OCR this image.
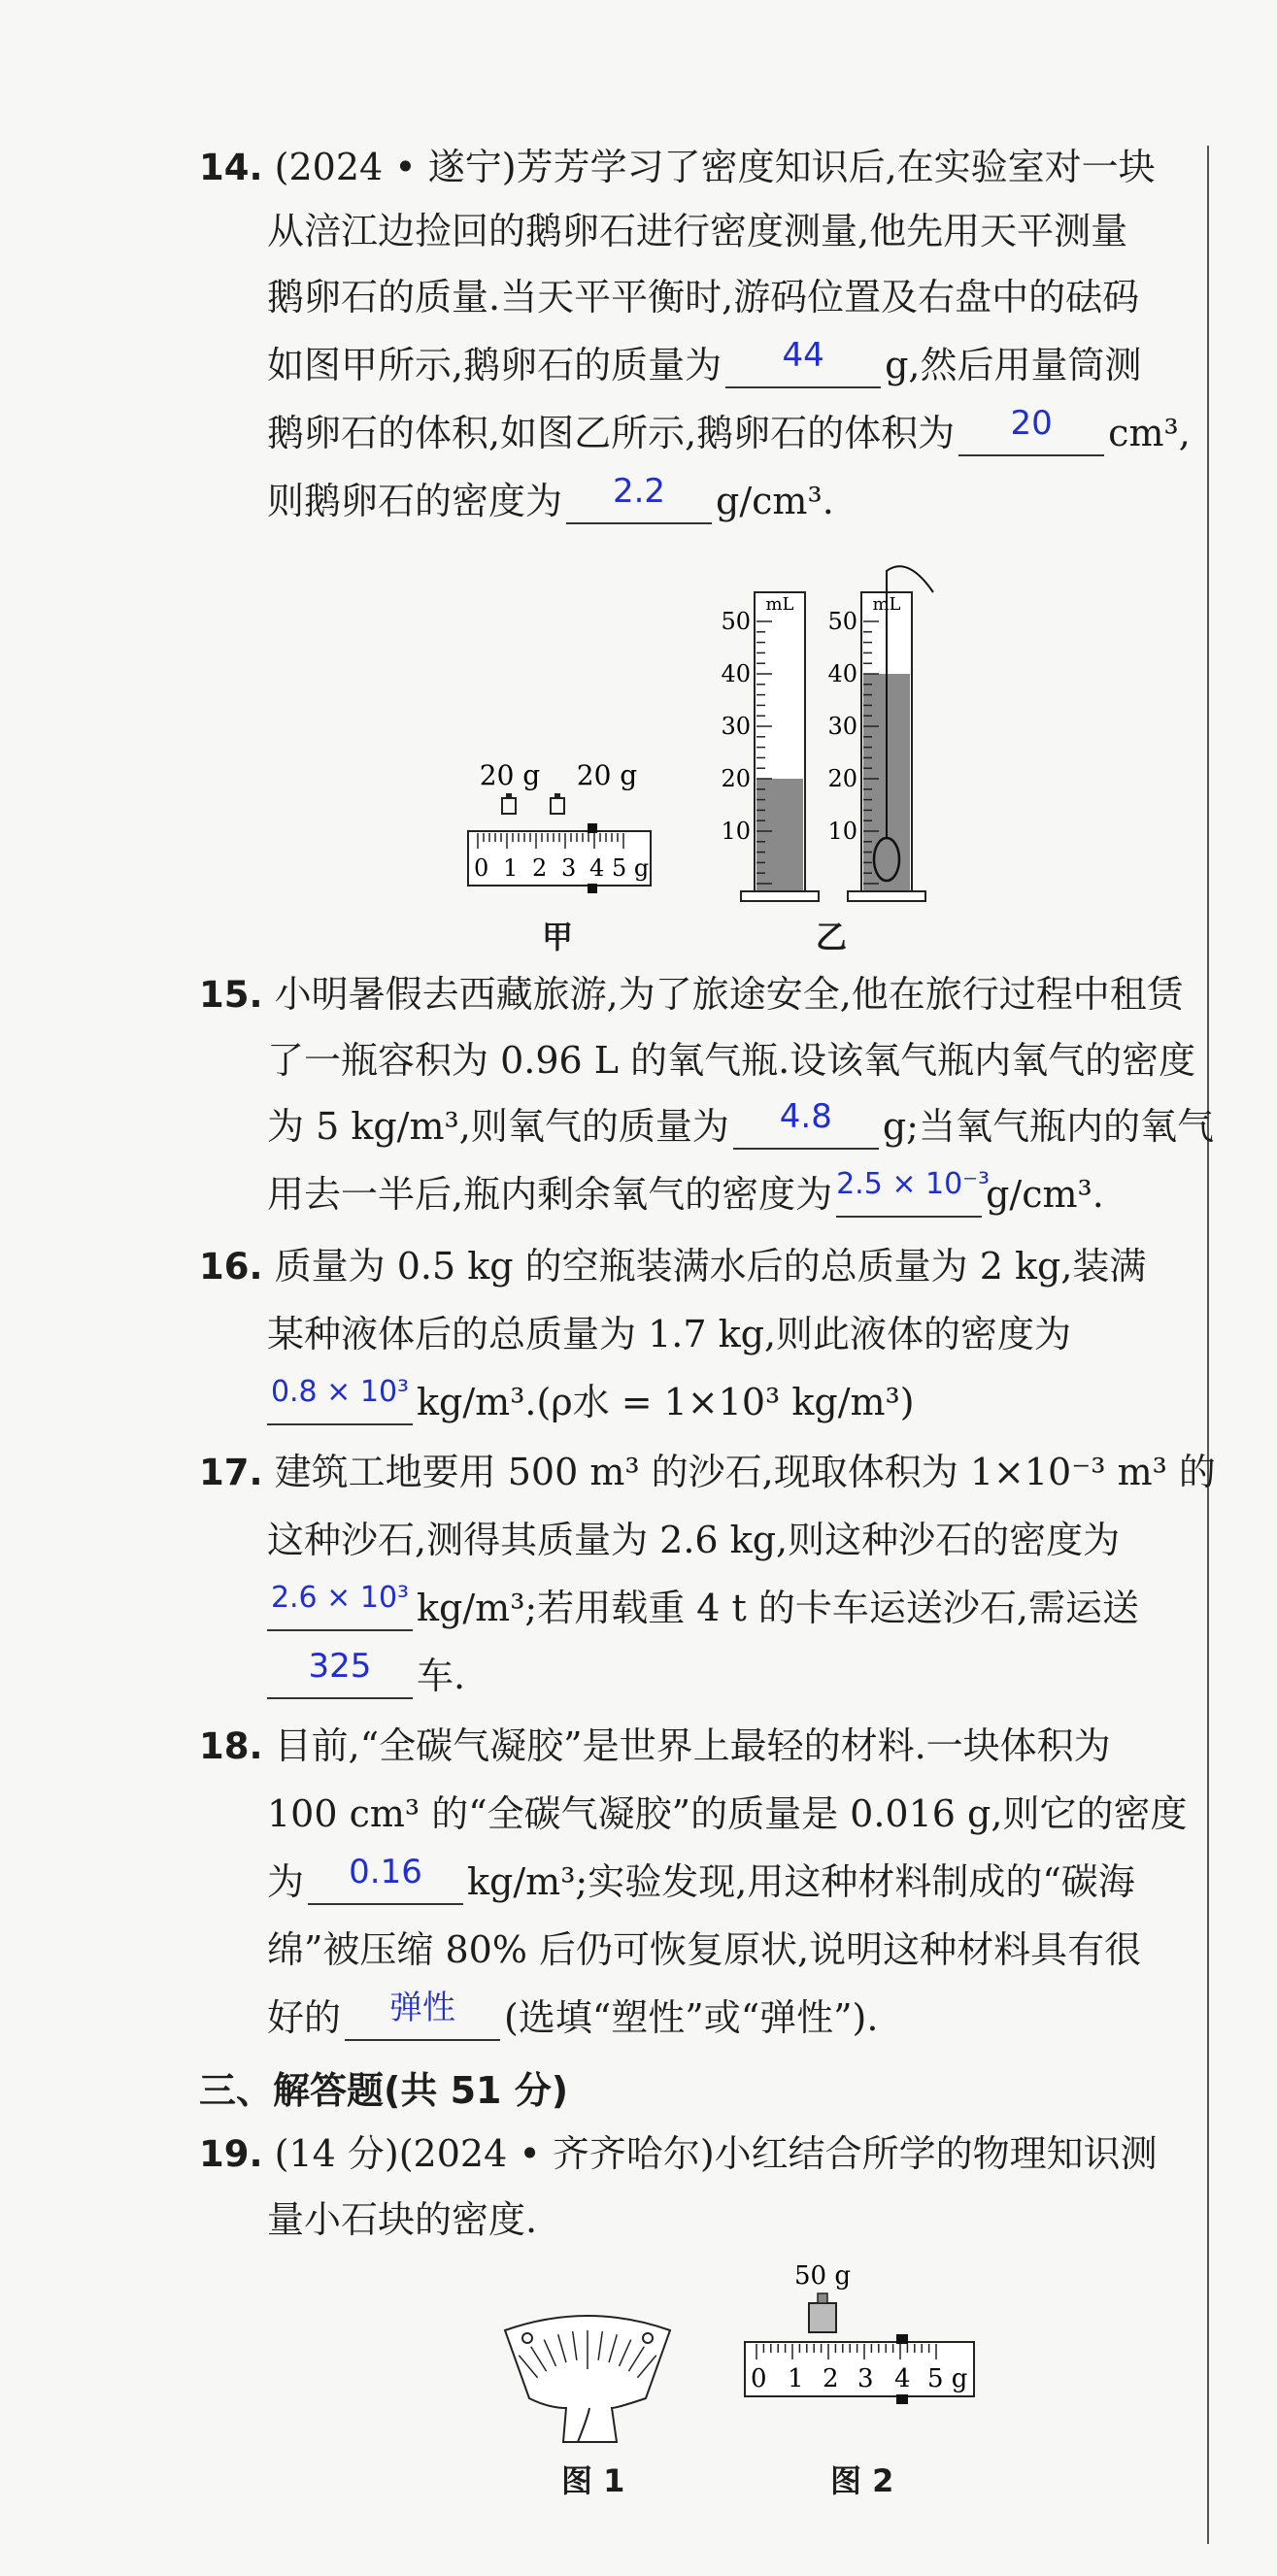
14. (2024 • 遂宁)芳芳学习了密度知识后,在实验室对一块
从涪江边捡回的鹅卵石进行密度测量,他先用天平测量
鹅卵石的质量.当天平平衡时,游码位置及右盘中的砝码
如图甲所示,鹅卵石的质量为	44	g,然后用量筒测
鹅卵石的体积,如图乙所示,鹅卵石的体积为	20	cm³,
则鹅卵石的密度为	2.2	g/cm³.
20 g 20 g
0 1 2 3 4 5 g
甲
mL
50
40
30
20
10
mL
50
40
30
20
10
乙
15. 小明暑假去西藏旅游,为了旅途安全,他在旅行过程中租赁
了一瓶容积为 0.96 L 的氧气瓶.设该氧气瓶内氧气的密度
为 5 kg/m³,则氧气的质量为	4.8	g;当氧气瓶内的氧气
用去一半后,瓶内剩余氧气的密度为 2.5 × 10⁻³
g/cm³.
16. 质量为 0.5 kg 的空瓶装满水后的总质量为 2 kg,装满
某种液体后的总质量为 1.7 kg,则此液体的密度为
0.8 × 10³ kg/m³.(ρ水 = 1×10³ kg/m³)
17. 建筑工地要用 500 m³ 的沙石,现取体积为 1×10⁻³ m³ 的
这种沙石,测得其质量为 2.6 kg,则这种沙石的密度为
2.6 × 10³ kg/m³;若用载重 4 t 的卡车运送沙石,需运送
325	车.
18. 目前,“全碳气凝胶”是世界上最轻的材料.一块体积为
100 cm³ 的“全碳气凝胶”的质量是 0.016 g,则它的密度
为	0.16	kg/m³;实验发现,用这种材料制成的“碳海
绵”被压缩 80% 后仍可恢复原状,说明这种材料具有很
好的	弹性	(选填“塑性”或“弹性”).
三、解答题(共 51 分)
19. (14 分)(2024 • 齐齐哈尔)小红结合所学的物理知识测
量小石块的密度.
图 1
50 g
0 1 2 3 4 5 g
图 2
